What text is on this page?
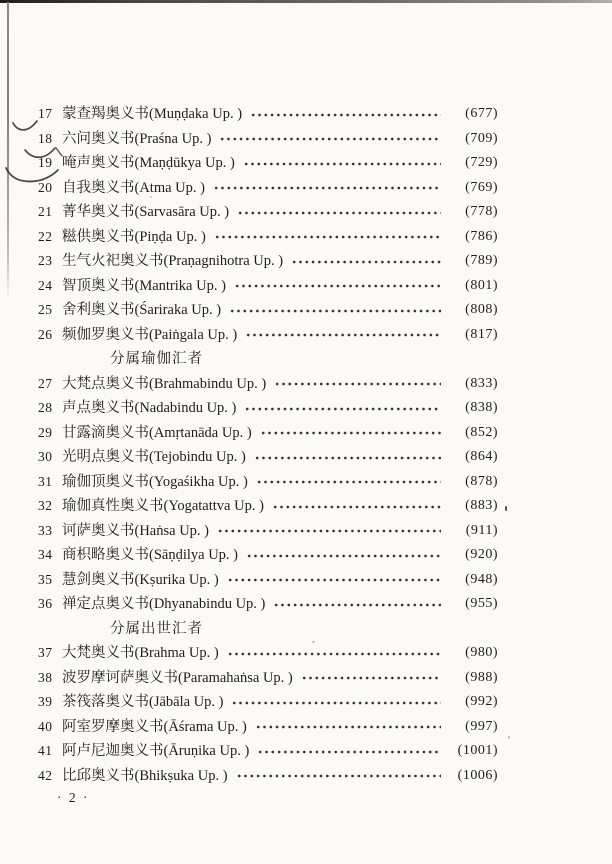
17 蒙查羯奥义书(Muṇḍaka Up. )	(677)
18 六问奥义书(Praśna Up. )	(709)
19 唵声奥义书(Maṇḍūkya Up. )	(729)
20 自我奥义书(Atma Up. )	(769)
21 菁华奥义书(Sarvasāra Up. )	(778)
22 糍供奥义书(Piṇḍa Up. )	(786)
23 生气火祀奥义书(Praṇagnihotra Up. )	(789)
24 智顶奥义书(Mantrika Up. )	(801)
25 舍利奥义书(Śariraka Up. )	(808)
26 频伽罗奥义书(Paiṅgala Up. )	(817)
分属瑜伽汇者
27 大梵点奥义书(Brahmabindu Up. )	(833)
28 声点奥义书(Nadabindu Up. )	(838)
29 甘露滴奥义书(Amṛtanāda Up. )	(852)
30 光明点奥义书(Tejobindu Up. )	(864)
31 瑜伽顶奥义书(Yogaśikha Up. )	(878)
32 瑜伽真性奥义书(Yogatattva Up. )	(883)
33 诃萨奥义书(Haṅsa Up. )	(911)
34 商枳略奥义书(Sāṇḍilya Up. )	(920)
35 慧剑奥义书(Kṣurika Up. )	(948)
36 禅定点奥义书(Dhyanabindu Up. )	(955)
分属出世汇者
37 大梵奥义书(Brahma Up. )	(980)
38 波罗摩诃萨奥义书(Paramahaṅsa Up. )	(988)
39 茶筏落奥义书(Jābāla Up. )	(992)
40 阿室罗摩奥义书(Āśrama Up. )	(997)
41 阿卢尼迦奥义书(Āruṇika Up. )	(1001)
42 比邱奥义书(Bhikṣuka Up. )	(1006)
· 2 ·
